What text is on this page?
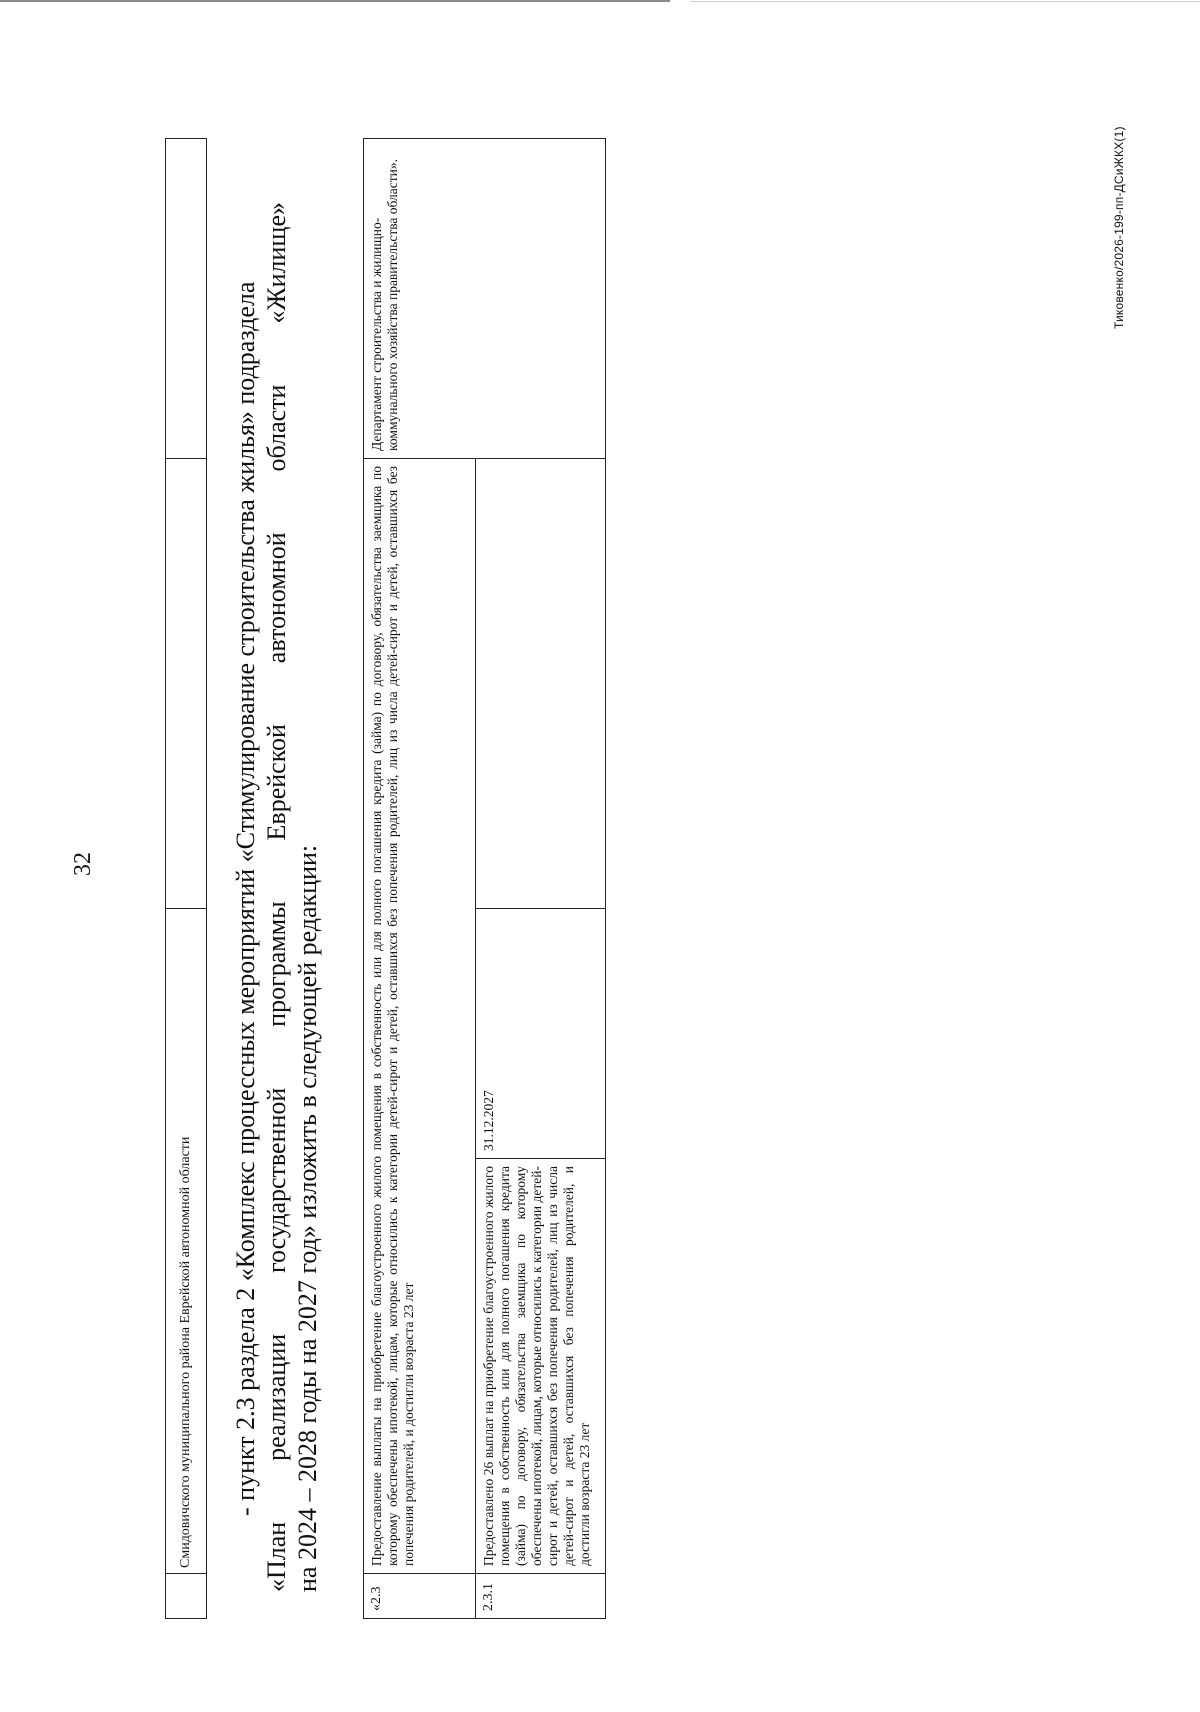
32
	Смидовичского муниципального района Еврейской автономной области		- пункт 2.3 раздела 2 «Комплекс процессных мероприятий «Стимулирование строительства жилья» подраздела «План реализации государственной программы Еврейской автономной области «Жилище» на 2024 – 2028 годы на 2027 год» изложить в следующей редакции:

«2.3	Предоставление выплаты на приобретение благоустроенного жилого помещения в собственность или для полного погашения кредита (займа) по договору, обязательства заемщика по которому обеспечены ипотекой, лицам, которые относились к категории детей-сирот и детей, оставшихся без попечения родителей, лиц из числа детей-сирот и детей, оставшихся без попечения родителей, и достигли возраста 23 лет			Департамент строительства и жилищно-коммунального хозяйства правительства области».
2.3.1	Предоставлено 26 выплат на приобретение благоустроенного жилого помещения в собственность или для полного погашения кредита (займа) по договору, обязательства заемщика по которому обеспечены ипотекой, лицам, которые относились к категории детей-сирот и детей, оставшихся без попечения родителей, лиц из числа детей-сирот и детей, оставшихся без попечения родителей, и достигли возраста 23 лет	31.12.2027		
Тиковенко/2026-199-пп-ДСиЖКХ(1)
